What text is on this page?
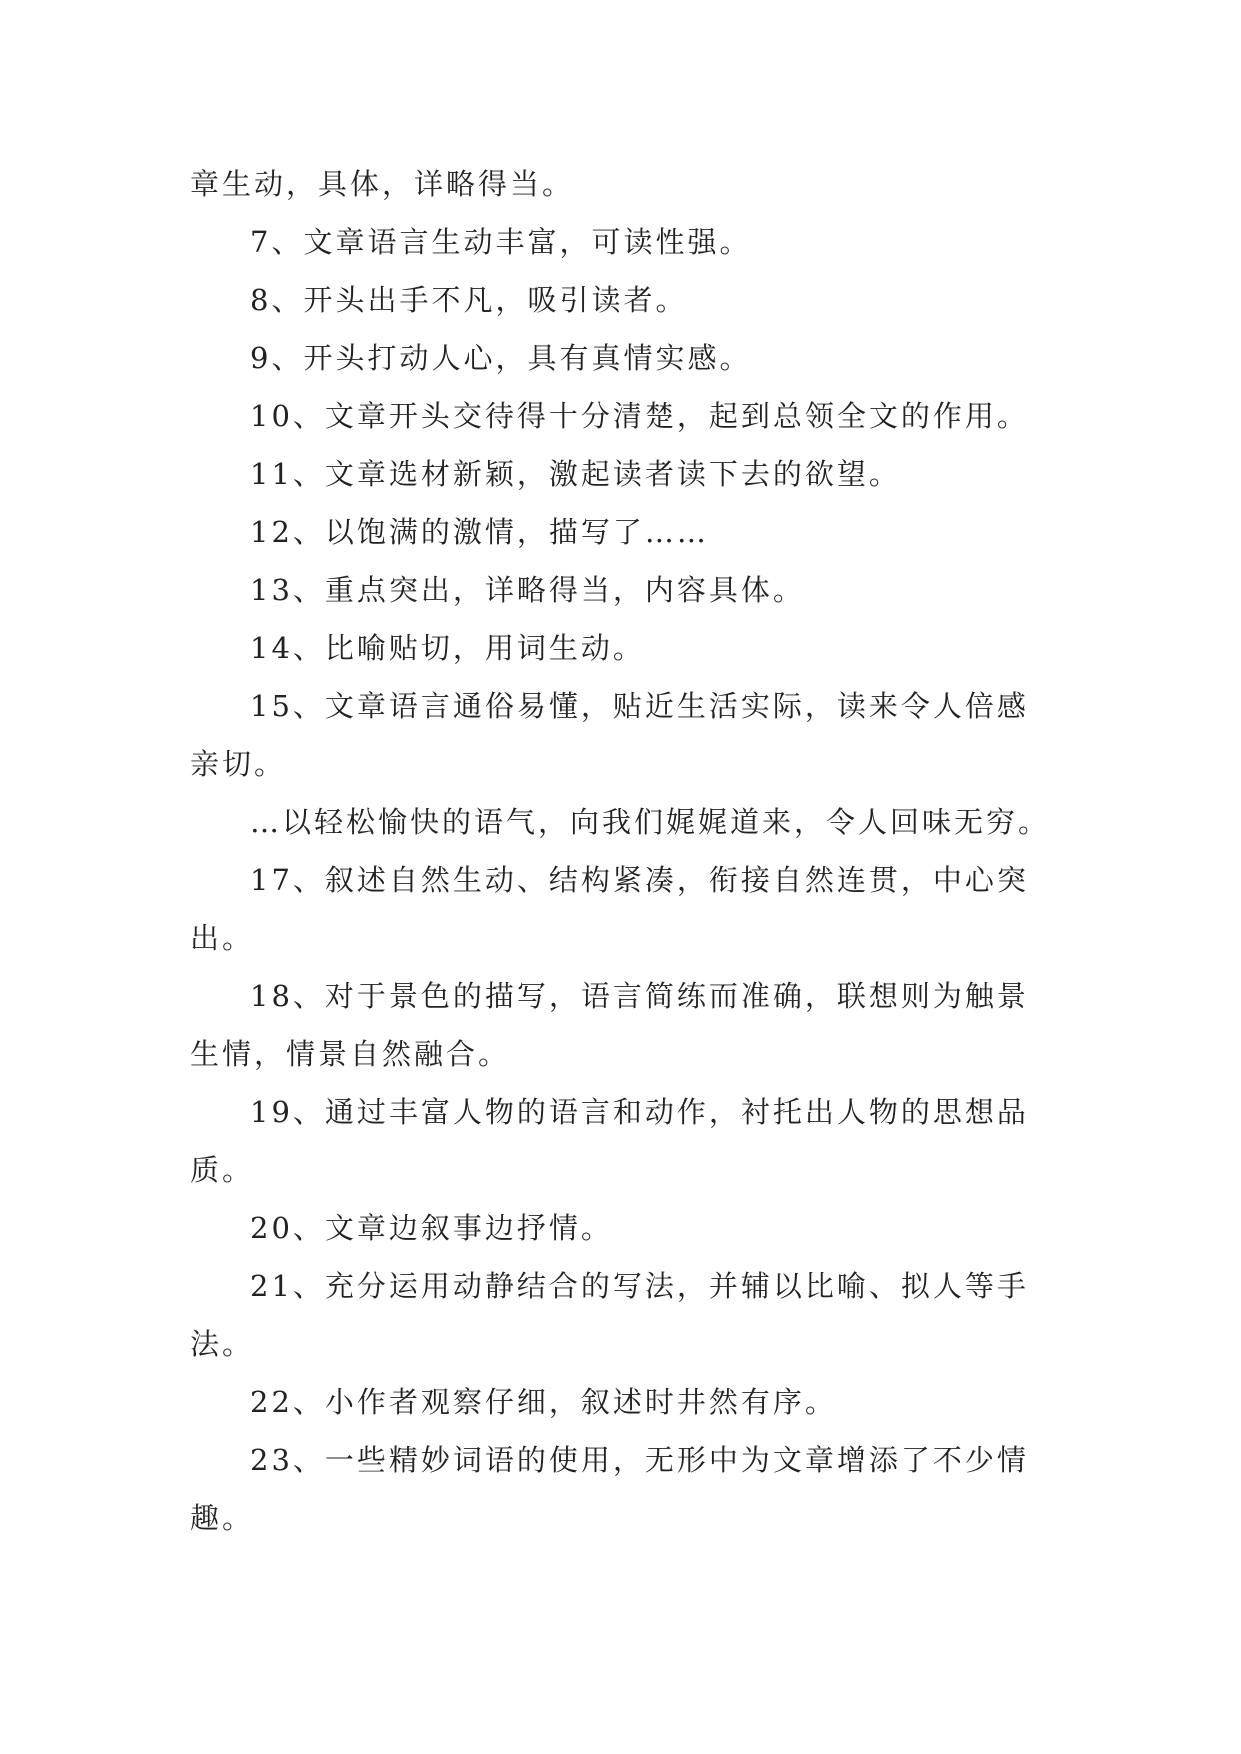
章生动，具体，详略得当。

7、文章语言生动丰富，可读性强。

8、开头出手不凡，吸引读者。

9、开头打动人心，具有真情实感。

10、文章开头交待得十分清楚，起到总领全文的作用。

11、文章选材新颖，激起读者读下去的欲望。

12、以饱满的激情，描写了……

13、重点突出，详略得当，内容具体。

14、比喻贴切，用词生动。

15、文章语言通俗易懂，贴近生活实际，读来令人倍感

亲切。

…以轻松愉快的语气，向我们娓娓道来，令人回味无穷。

17、叙述自然生动、结构紧凑，衔接自然连贯，中心突

出。

18、对于景色的描写，语言简练而准确，联想则为触景

生情，情景自然融合。

19、通过丰富人物的语言和动作，衬托出人物的思想品

质。

20、文章边叙事边抒情。

21、充分运用动静结合的写法，并辅以比喻、拟人等手

法。

22、小作者观察仔细，叙述时井然有序。

23、一些精妙词语的使用，无形中为文章增添了不少情

趣。
